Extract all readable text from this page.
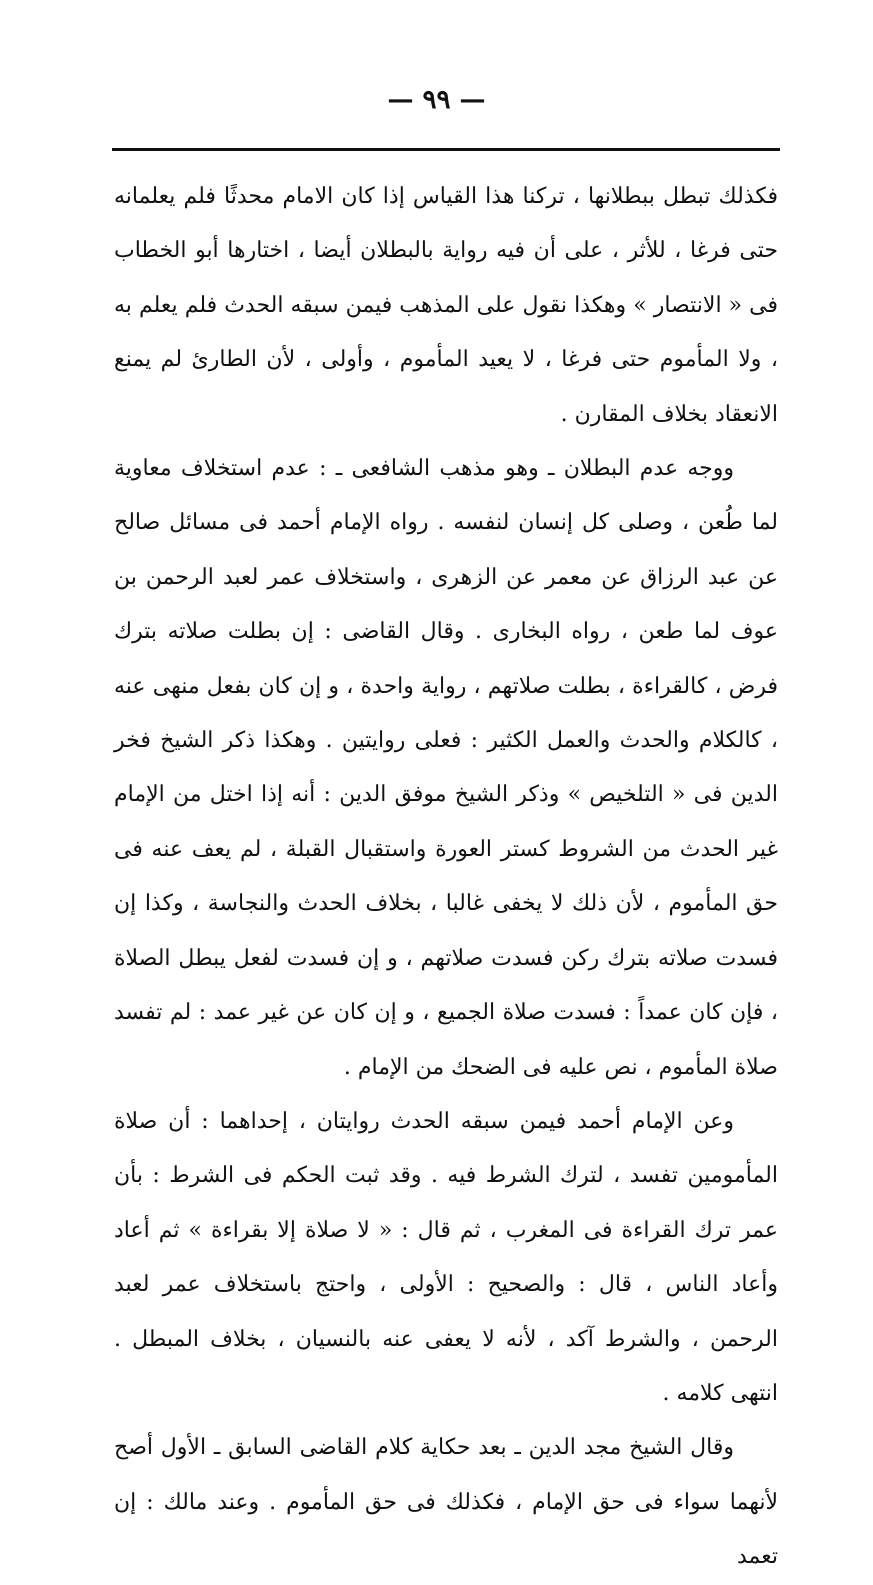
— ٩٩ —

فكذلك تبطل ببطلانها ، تركنا هذا القياس إذا كان الامام محدثًا فلم يعلمانه حتى فرغا ، للأثر ، على أن فيه رواية بالبطلان أيضا ، اختارها أبو الخطاب فى « الانتصار » وهكذا نقول على المذهب فيمن سبقه الحدث فلم يعلم به ، ولا المأموم حتى فرغا ، لا يعيد المأموم ، وأولى ، لأن الطارئ لم يمنع الانعقاد بخلاف المقارن .

ووجه عدم البطلان ـ وهو مذهب الشافعى ـ : عدم استخلاف معاوية لما طُعن ، وصلى كل إنسان لنفسه . رواه الإمام أحمد فى مسائل صالح عن عبد الرزاق عن معمر عن الزهرى ، واستخلاف عمر لعبد الرحمن بن عوف لما طعن ، رواه البخارى . وقال القاضى : إن بطلت صلاته بترك فرض ، كالقراءة ، بطلت صلاتهم ، رواية واحدة ، و إن كان بفعل منهى عنه ، كالكلام والحدث والعمل الكثير : فعلى روايتين . وهكذا ذكر الشيخ فخر الدين فى « التلخيص » وذكر الشيخ موفق الدين : أنه إذا اختل من الإمام غير الحدث من الشروط كستر العورة واستقبال القبلة ، لم يعف عنه فى حق المأموم ، لأن ذلك لا يخفى غالبا ، بخلاف الحدث والنجاسة ، وكذا إن فسدت صلاته بترك ركن فسدت صلاتهم ، و إن فسدت لفعل يبطل الصلاة ، فإن كان عمداً : فسدت صلاة الجميع ، و إن كان عن غير عمد : لم تفسد صلاة المأموم ، نص عليه فى الضحك من الإمام .

وعن الإمام أحمد فيمن سبقه الحدث روايتان ، إحداهما : أن صلاة المأمومين تفسد ، لترك الشرط فيه . وقد ثبت الحكم فى الشرط : بأن عمر ترك القراءة فى المغرب ، ثم قال : « لا صلاة إلا بقراءة » ثم أعاد وأعاد الناس ، قال : والصحيح : الأولى ، واحتج باستخلاف عمر لعبد الرحمن ، والشرط آكد ، لأنه لا يعفى عنه بالنسيان ، بخلاف المبطل . انتهى كلامه .

وقال الشيخ مجد الدين ـ بعد حكاية كلام القاضى السابق ـ الأول أصح لأنهما سواء فى حق الإمام ، فكذلك فى حق المأموم . وعند مالك : إن تعمد
